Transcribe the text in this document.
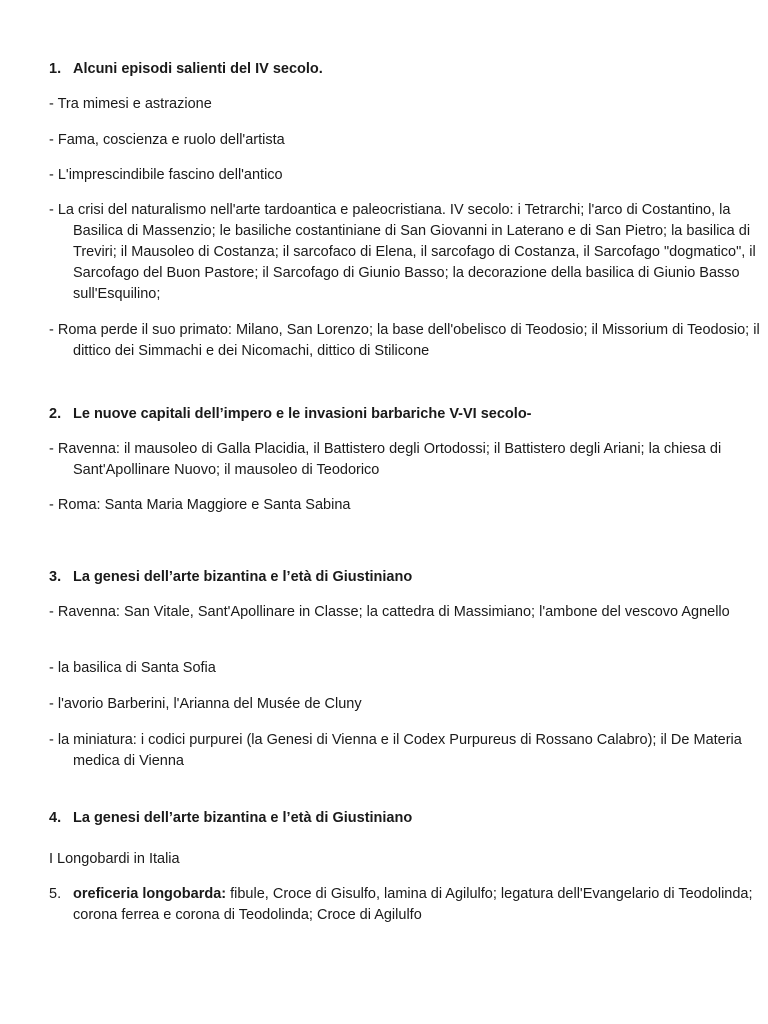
1. Alcuni episodi salienti del IV secolo.
- Tra mimesi e astrazione
- Fama, coscienza e ruolo dell'artista
- L'imprescindibile fascino dell'antico
- La crisi del naturalismo nell'arte tardoantica e paleocristiana. IV secolo: i Tetrarchi; l'arco di Costantino, la Basilica di Massenzio; le basiliche costantiniane di San Giovanni in Laterano e di San Pietro; la basilica di Treviri; il Mausoleo di Costanza; il sarcofaco di Elena, il sarcofago di Costanza, il Sarcofago "dogmatico", il Sarcofago del Buon Pastore; il Sarcofago di Giunio Basso; la decorazione della basilica di Giunio Basso sull'Esquilino;
- Roma perde il suo primato: Milano, San Lorenzo; la base dell'obelisco di Teodosio; il Missorium di Teodosio; il dittico dei Simmachi e dei Nicomachi, dittico di Stilicone
2. Le nuove capitali dell’impero e le invasioni barbariche V-VI secolo-
- Ravenna: il mausoleo di Galla Placidia, il Battistero degli Ortodossi; il Battistero degli Ariani; la chiesa di Sant'Apollinare Nuovo; il mausoleo di Teodorico
- Roma: Santa Maria Maggiore e Santa Sabina
3. La genesi dell’arte bizantina e l’età di Giustiniano
- Ravenna: San Vitale, Sant'Apollinare in Classe; la cattedra di Massimiano; l'ambone del vescovo Agnello
- la basilica di Santa Sofia
- l'avorio Barberini, l'Arianna del Musée de Cluny
- la miniatura: i codici purpurei (la Genesi di Vienna e il Codex Purpureus di Rossano Calabro); il De Materia medica di Vienna
4. La genesi dell’arte bizantina e l’età di Giustiniano
I Longobardi in Italia
5. oreficeria longobarda: fibule, Croce di Gisulfo, lamina di Agilulfo; legatura dell'Evangelario di Teodolinda; corona ferrea e corona di Teodolinda; Croce di Agilulfo
